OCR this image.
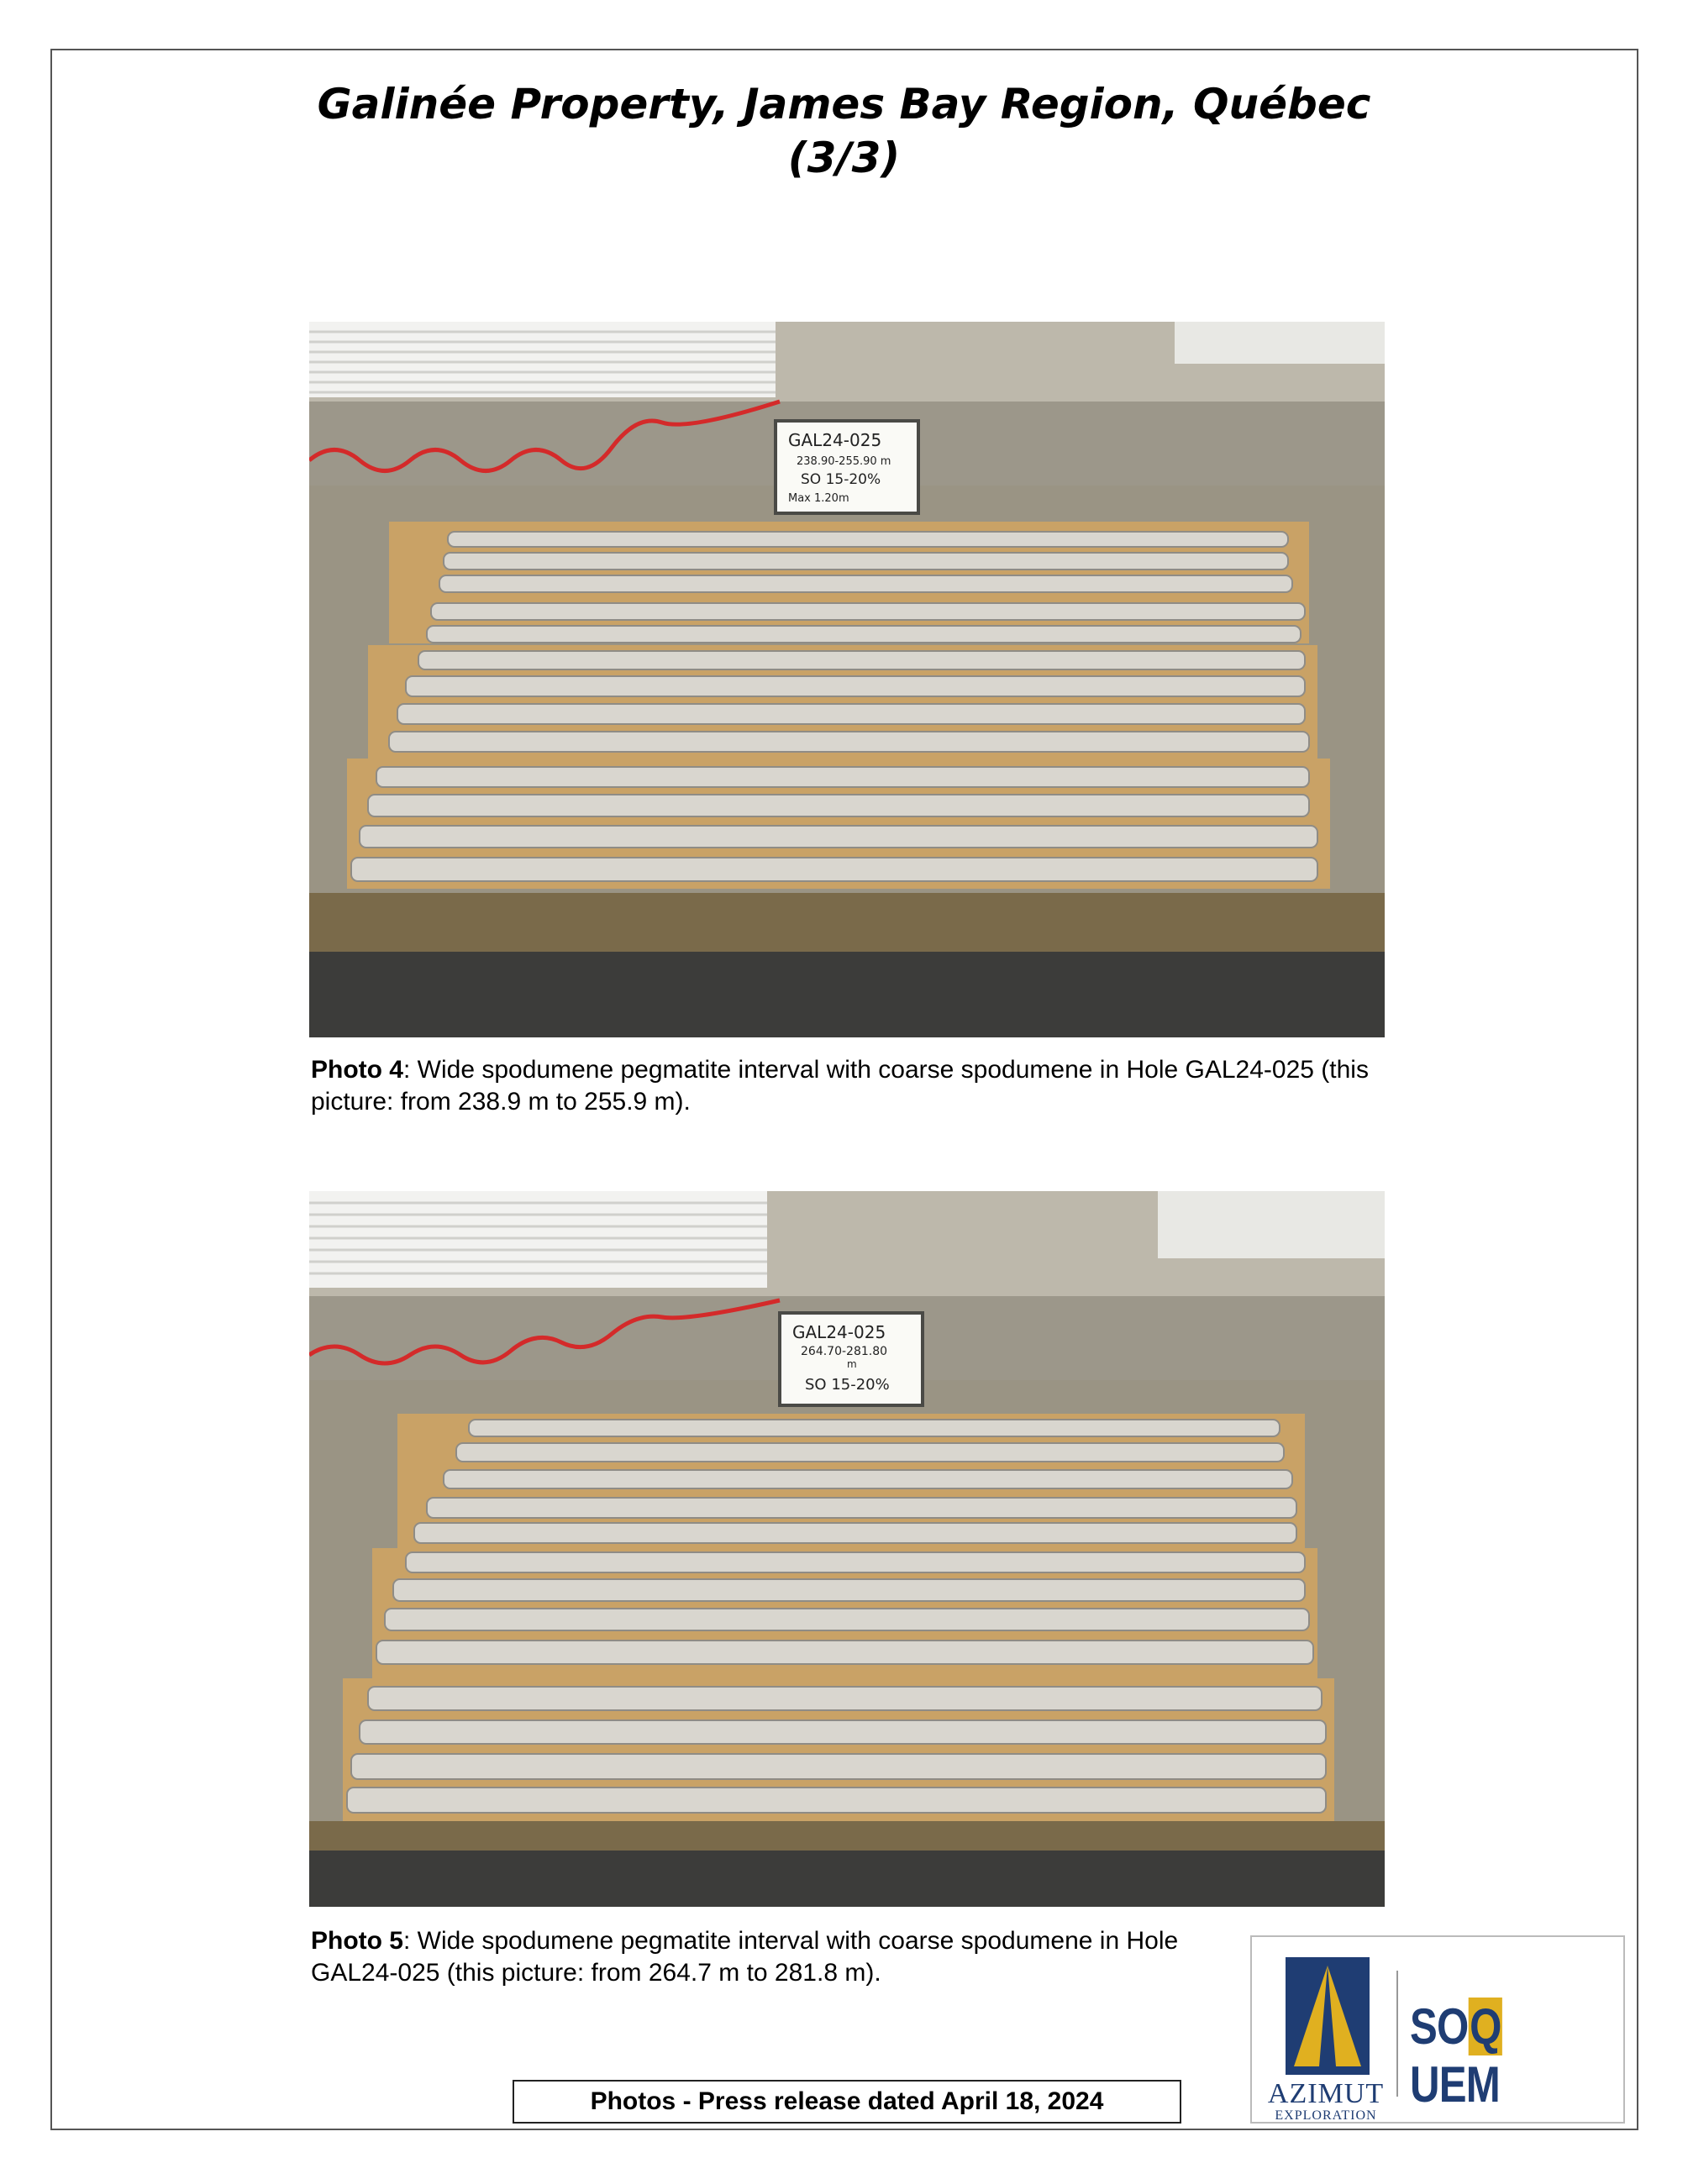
Galinée Property, James Bay Region, Québec
(3/3)
GAL24-025
238.90-255.90 m
SO 15-20%
Max 1.20m
Photo 4: Wide spodumene pegmatite interval with coarse spodumene in Hole GAL24-025 (this picture: from 238.9 m to 255.9 m).
GAL24-025
264.70-281.80
m
SO 15-20%
Photo 5: Wide spodumene pegmatite interval with coarse spodumene in Hole GAL24-025 (this picture: from 264.7 m to 281.8 m).
AZIMUT
EXPLORATION
SOQUEM
Photos - Press release dated April 18, 2024
